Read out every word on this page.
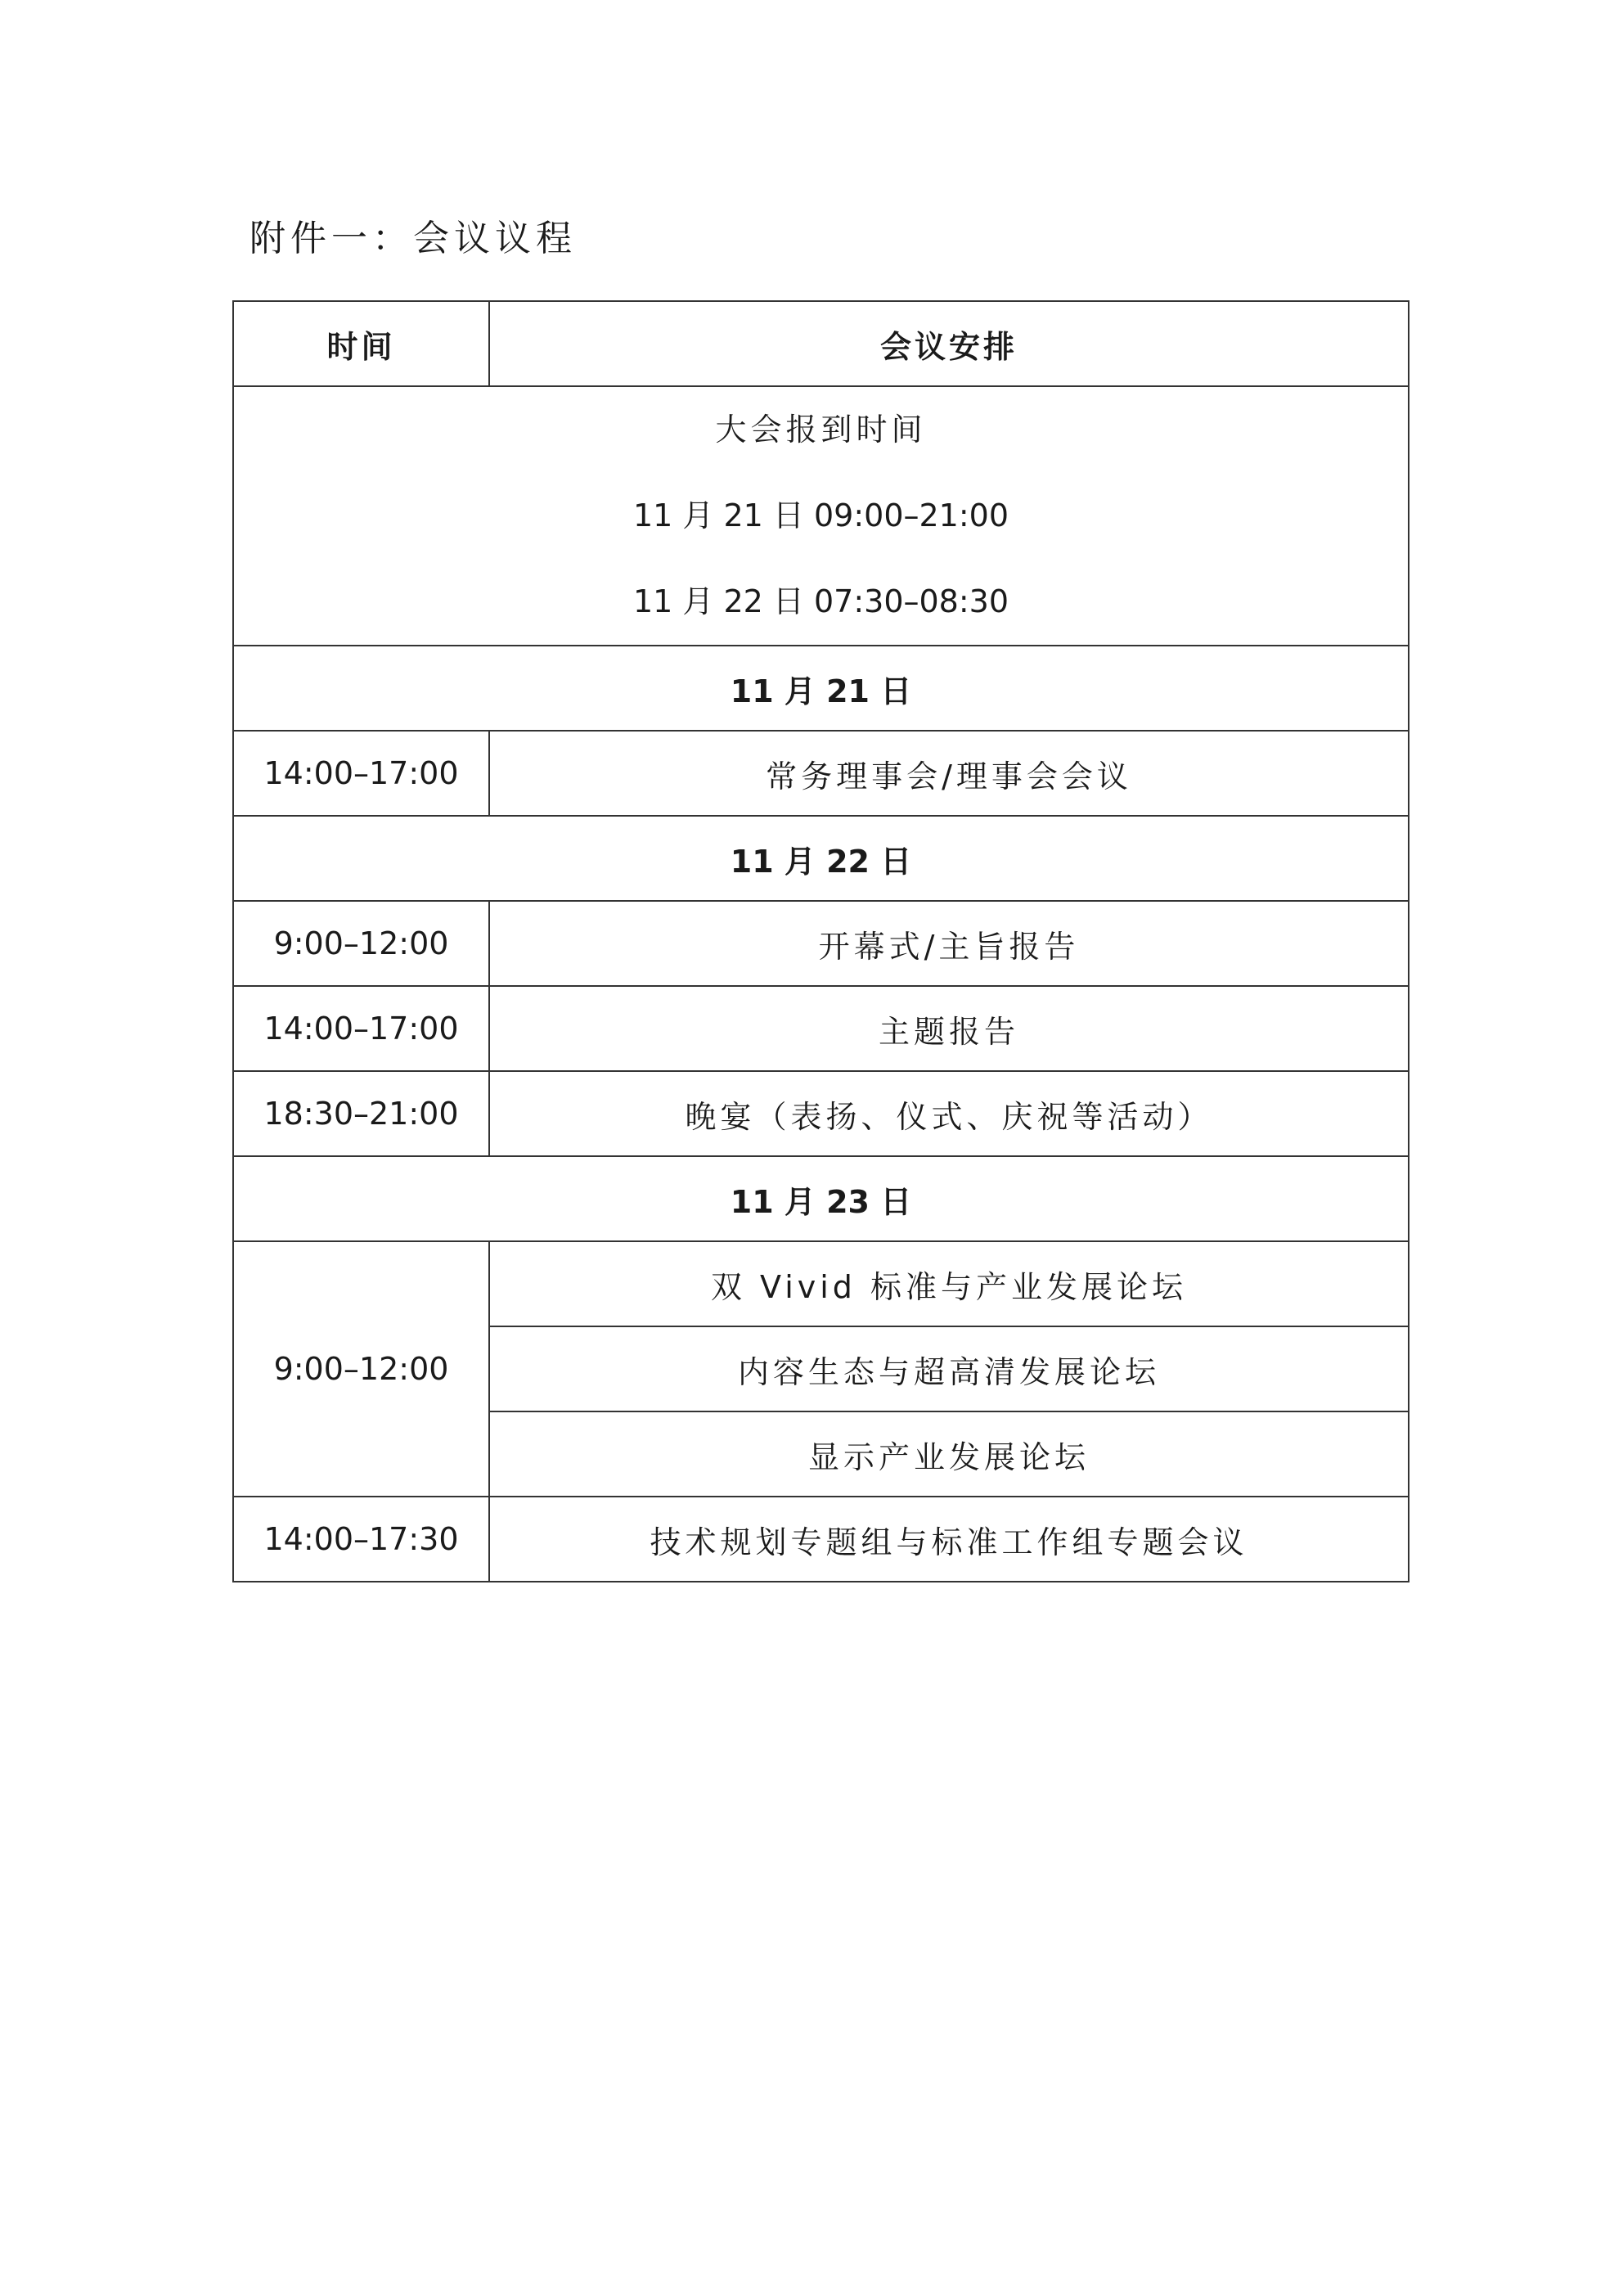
附件一：会议议程
时间	会议安排

大会报到时间
11 月 21 日 09:00–21:00
11 月 22 日 07:30–08:30	

11 月 21 日	
14:00–17:00	常务理事会/理事会会议
11 月 22 日	
9:00–12:00	开幕式/主旨报告
14:00–17:00	主题报告
18:30–21:00	晚宴（表扬、仪式、庆祝等活动）
11 月 23 日	
9:00–12:00	双 Vivid 标准与产业发展论坛
	内容生态与超高清发展论坛
	显示产业发展论坛
14:00–17:30	技术规划专题组与标准工作组专题会议
